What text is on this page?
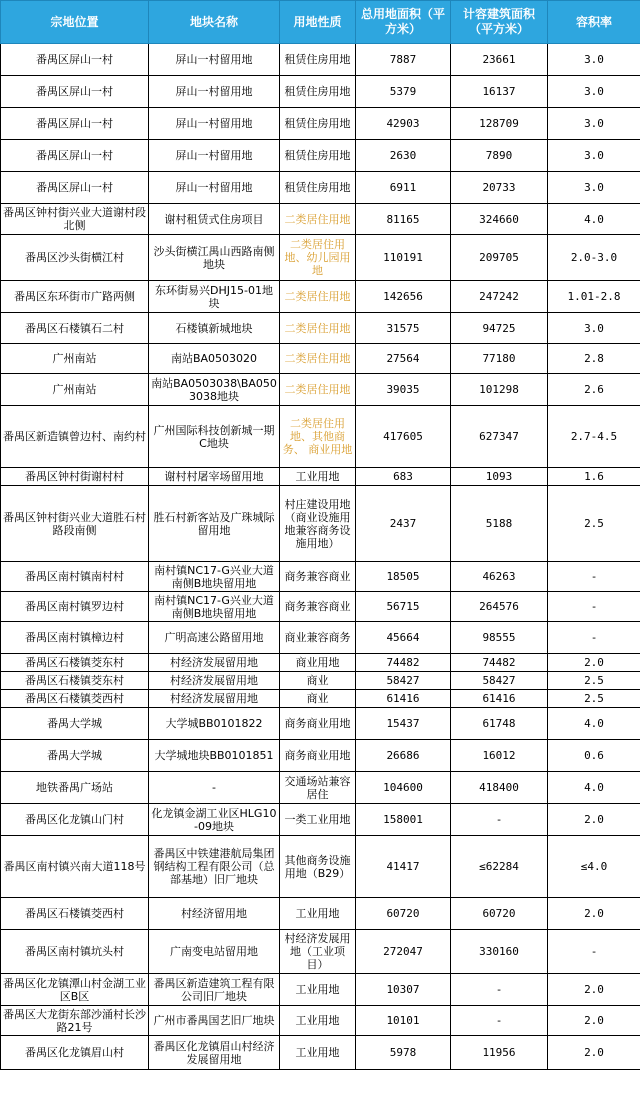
宗地位置	地块名称	用地性质	总用地面积（平方米）	计容建筑面积（平方米）	容积率
番禺区屏山一村	屏山一村留用地	租赁住房用地	7887	23661	3.0
番禺区屏山一村	屏山一村留用地	租赁住房用地	5379	16137	3.0
番禺区屏山一村	屏山一村留用地	租赁住房用地	42903	128709	3.0
番禺区屏山一村	屏山一村留用地	租赁住房用地	2630	7890	3.0
番禺区屏山一村	屏山一村留用地	租赁住房用地	6911	20733	3.0
番禺区钟村街兴业大道谢村段北侧	谢村租赁式住房项目	二类居住用地	81165	324660	4.0
番禺区沙头街横江村	沙头街横江禺山西路南侧地块	二类居住用地、幼儿园用地	110191	209705	2.0-3.0
番禺区东环街市广路两侧	东环街易兴DHJ15-01地块	二类居住用地	142656	247242	1.01-2.8
番禺区石楼镇石二村	石楼镇新城地块	二类居住用地	31575	94725	3.0
广州南站	南站BA0503020	二类居住用地	27564	77180	2.8
广州南站	南站BA0503038\BA0503038地块	二类居住用地	39035	101298	2.6
番禺区新造镇曾边村、南约村	广州国际科技创新城一期C地块	二类居住用地、其他商务、 商业用地	417605	627347	2.7-4.5
番禺区钟村街谢村村	谢村村屠宰场留用地	工业用地	683	1093	1.6
番禺区钟村街兴业大道胜石村路段南侧	胜石村新客站及广珠城际留用地	村庄建设用地（商业设施用地兼容商务设施用地）	2437	5188	2.5
番禺区南村镇南村村	南村镇NC17-G兴业大道南侧B地块留用地	商务兼容商业	18505	46263	-
番禺区南村镇罗边村	南村镇NC17-G兴业大道南侧B地块留用地	商务兼容商业	56715	264576	-
番禺区南村镇樟边村	广明高速公路留用地	商业兼容商务	45664	98555	-
番禺区石楼镇茭东村	村经济发展留用地	商业用地	74482	74482	2.0
番禺区石楼镇茭东村	村经济发展留用地	商业	58427	58427	2.5
番禺区石楼镇茭西村	村经济发展留用地	商业	61416	61416	2.5
番禺大学城	大学城BB0101822	商务商业用地	15437	61748	4.0
番禺大学城	大学城地块BB0101851	商务商业用地	26686	16012	0.6
地铁番禺广场站	-	交通场站兼容居住	104600	418400	4.0
番禺区化龙镇山门村	化龙镇金湖工业区HLG10-09地块	一类工业用地	158001	-	2.0
番禺区南村镇兴南大道118号	番禺区中铁建港航局集团钢结构工程有限公司（总部基地）旧厂地块	其他商务设施用地（B29）	41417	≤62284	≤4.0
番禺区石楼镇茭西村	村经济留用地	工业用地	60720	60720	2.0
番禺区南村镇坑头村	广南变电站留用地	村经济发展用地（工业项目）	272047	330160	-
番禺区化龙镇潭山村金湖工业区B区	番禺区新造建筑工程有限公司旧厂地块	工业用地	10307	-	2.0
番禺区大龙街东部沙涌村长沙路21号	广州市番禺国艺旧厂地块	工业用地	10101	-	2.0
番禺区化龙镇眉山村	番禺区化龙镇眉山村经济发展留用地	工业用地	5978	11956	2.0
